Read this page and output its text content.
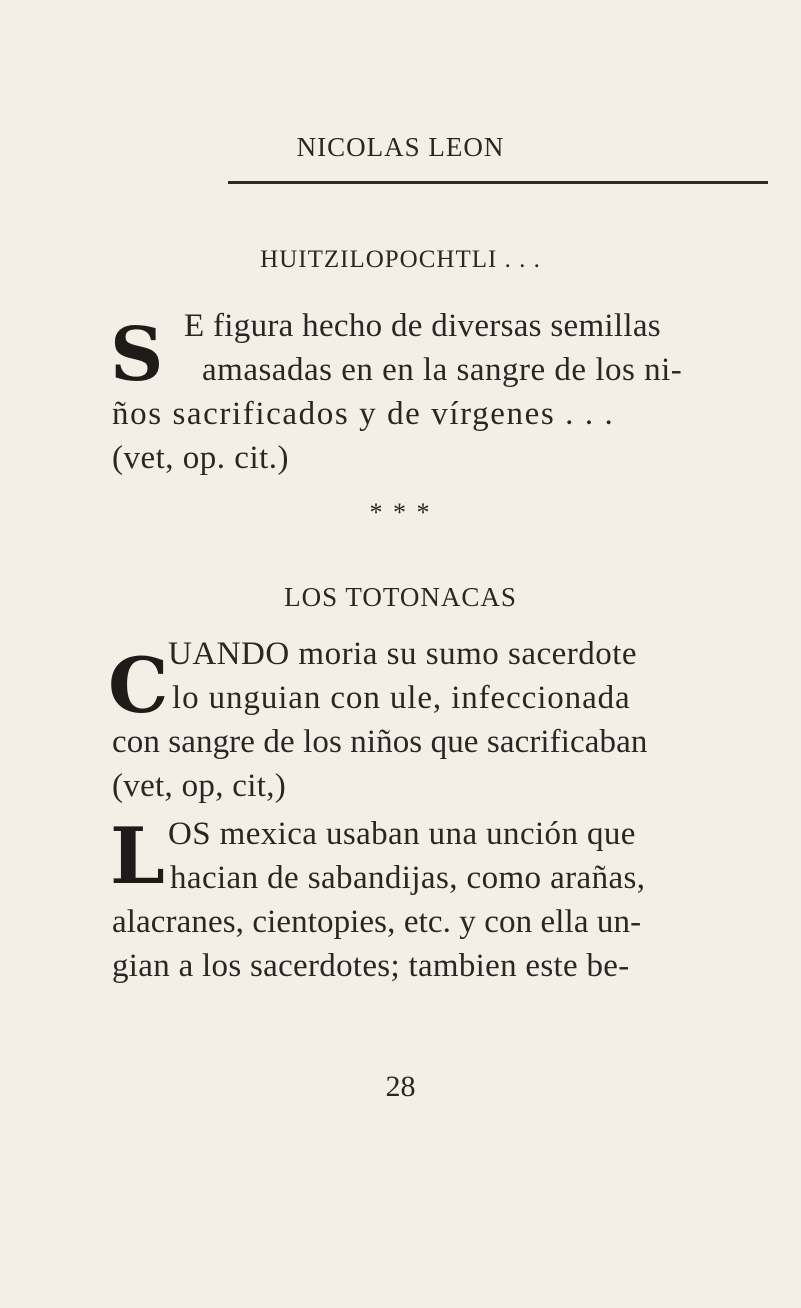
NICOLAS LEON
HUITZILOPOCHTLI . . .
S E figura hecho de diversas semillas
amasadas en en la sangre de los ni-
ños sacrificados y de vírgenes . . .
(vet, op. cit.)
* * *
LOS TOTONACAS
C UANDO moria su sumo sacerdote
lo unguian con ule, infeccionada
con sangre de los niños que sacrificaban
(vet, op, cit,)
L OS mexica usaban una unción que
hacian de sabandijas, como arañas,
alacranes, cientopies, etc. y con ella un-
gian a los sacerdotes; tambien este be-
28
